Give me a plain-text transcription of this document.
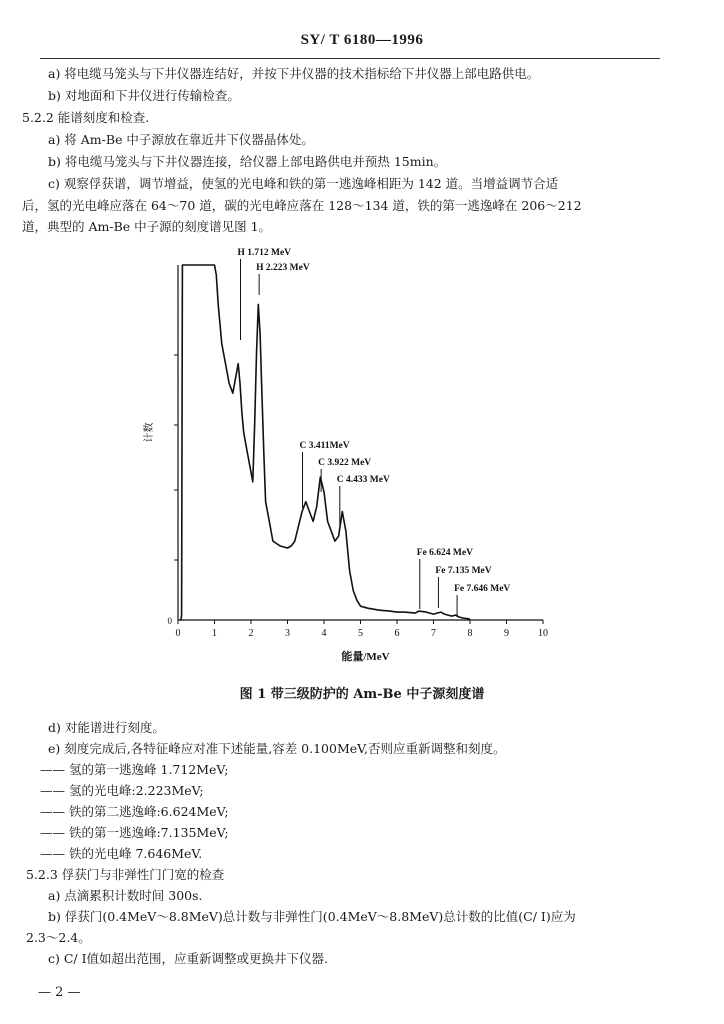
SY/ T 6180—1996
a) 将电缆马笼头与下井仪器连结好，并按下井仪器的技术指标给下井仪器上部电路供电。
b) 对地面和下井仪进行传输检查。
5.2.2 能谱刻度和检查.
a) 将 Am-Be 中子源放在靠近井下仪器晶体处。
b) 将电缆马笼头与下井仪器连接，给仪器上部电路供电并预热 15min。
c) 观察俘获谱，调节增益，使氢的光电峰和铁的第一逃逸峰相距为 142 道。当增益调节合适
后，氢的光电峰应落在 64～70 道，碳的光电峰应落在 128～134 道，铁的第一逃逸峰在 206～212
道，典型的 Am-Be 中子源的刻度谱见图 1。
0	1	2	3	4	5	6	7	8	9	10
0
能量/MeV
计数
H 1.712 MeV
H 2.223 MeV
C 3.411MeV
C 3.922 MeV
C 4.433 MeV
Fe 6.624 MeV
Fe 7.135 MeV
Fe 7.646 MeV
图 1 带三级防护的 Am-Be 中子源刻度谱
d) 对能谱进行刻度。
e) 刻度完成后,各特征峰应对准下述能量,容差 0.100MeV,否则应重新调整和刻度。
—— 氢的第一逃逸峰 1.712MeV;
—— 氢的光电峰:2.223MeV;
—— 铁的第二逃逸峰:6.624MeV;
—— 铁的第一逃逸峰:7.135MeV;
—— 铁的光电峰 7.646MeV.
5.2.3 俘获门与非弹性门门宽的检查
a) 点滴累积计数时间 300s.
b) 俘获门(0.4MeV～8.8MeV)总计数与非弹性门(0.4MeV～8.8MeV)总计数的比值(C/ I)应为
2.3～2.4。
c) C/ I值如超出范围，应重新调整或更换井下仪器.
— 2 —
